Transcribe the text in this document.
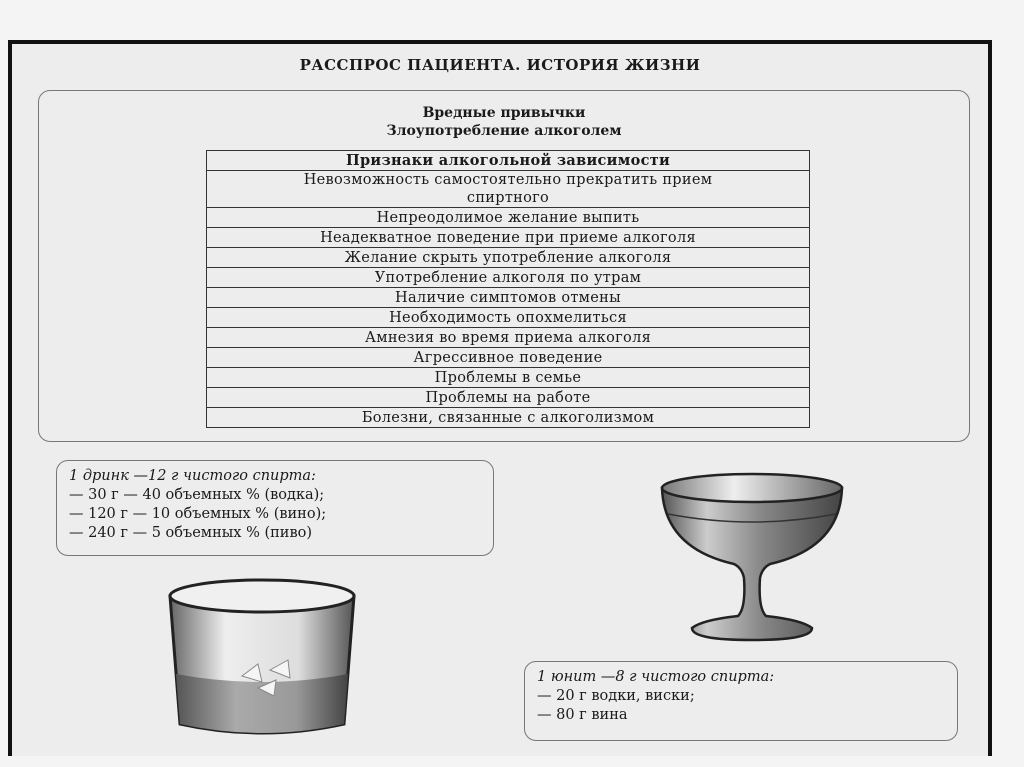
РАССПРОС ПАЦИЕНТА. ИСТОРИЯ ЖИЗНИ
Вредные привычки
Злоупотребление алкоголем
Признаки алкогольной зависимости
Невозможность самостоятельно прекратить прием спиртного
Непреодолимое желание выпить
Неадекватное поведение при приеме алкоголя
Желание скрыть употребление алкоголя
Употребление алкоголя по утрам
Наличие симптомов отмены
Необходимость опохмелиться
Амнезия во время приема алкоголя
Агрессивное поведение
Проблемы в семье
Проблемы на работе
Болезни, связанные с алкоголизмом
1 дринк —12 г чистого спирта:
— 30 г — 40 объемных % (водка);
— 120 г — 10 объемных % (вино);
— 240 г — 5 объемных % (пиво)
1 юнит —8 г чистого спирта:
— 20 г водки, виски;
— 80 г вина
